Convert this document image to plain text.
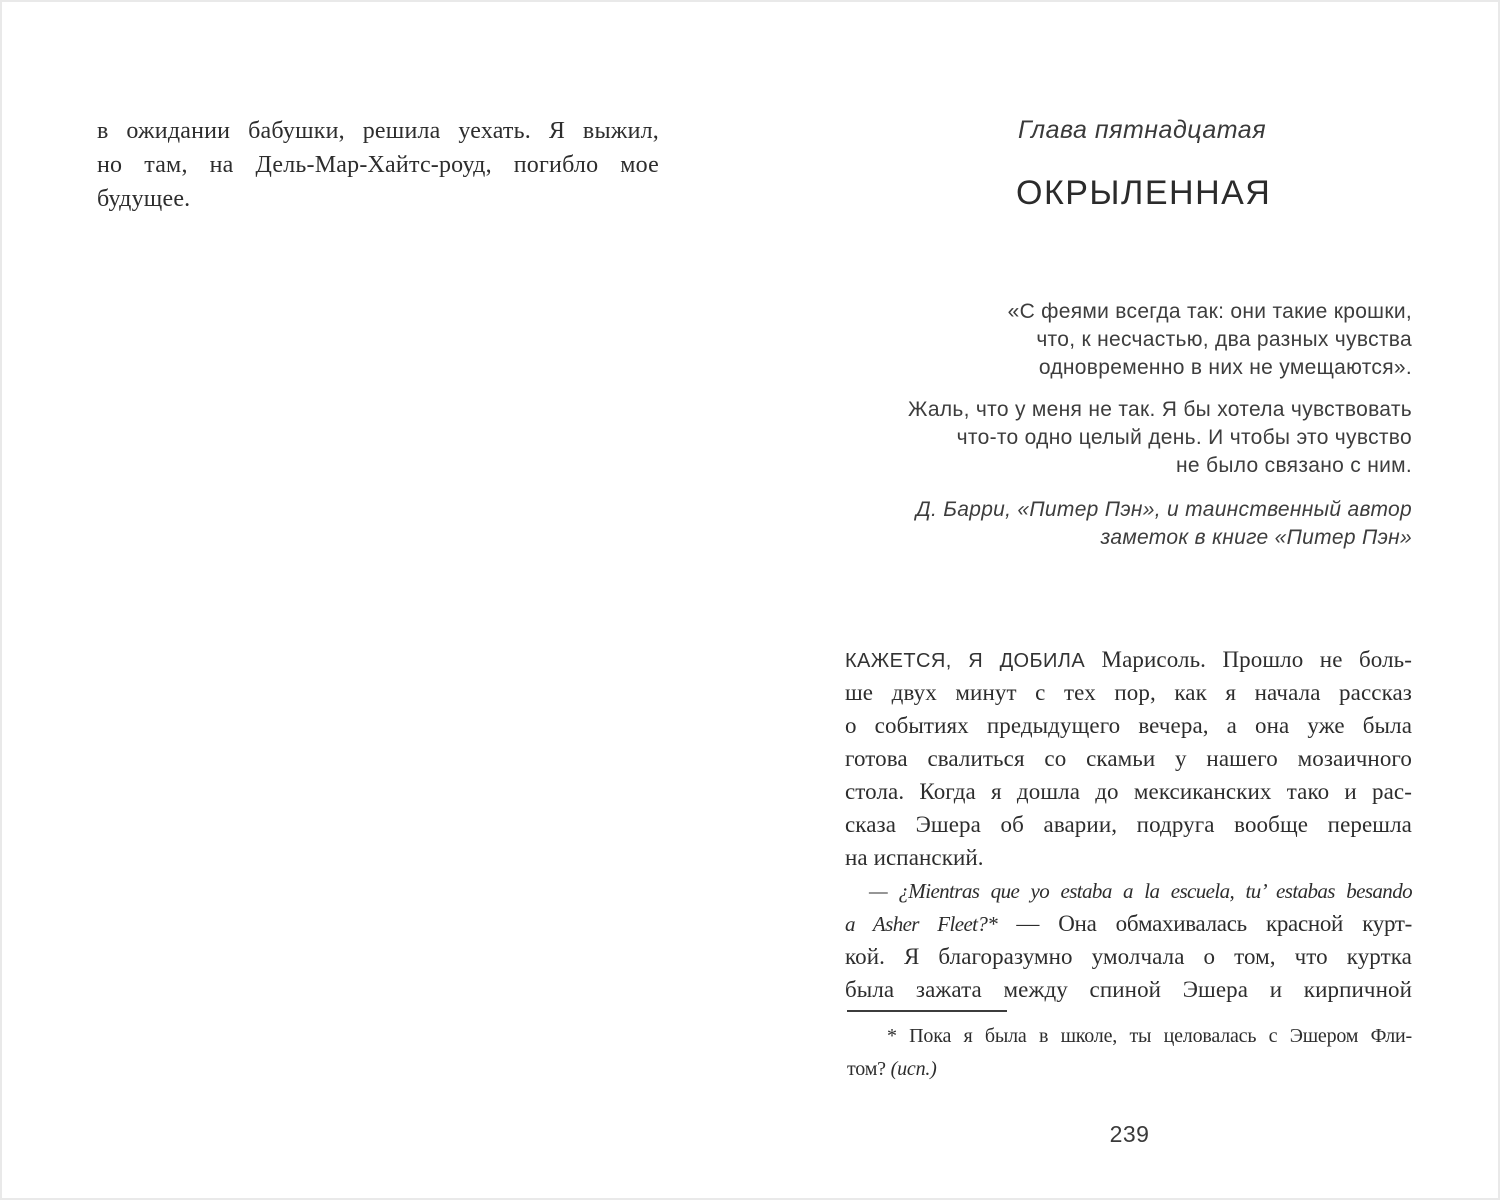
в ожидании бабушки, решила уехать. Я выжил,
но там, на Дель-Мар-Хайтс-роуд, погибло мое
будущее.
Глава пятнадцатая
ОКРЫЛЕННАЯ
«С феями всегда так: они такие крошки,
что, к несчастью, два разных чувства
одновременно в них не умещаются».
Жаль, что у меня не так. Я бы хотела чувствовать
что-то одно целый день. И чтобы это чувство
не было связано с ним.
Д. Барри, «Питер Пэн», и таинственный автор
заметок в книге «Питер Пэн»
КАЖЕТСЯ, Я ДОБИЛА Марисоль. Прошло не боль-
ше двух минут с тех пор, как я начала рассказ
о событиях предыдущего вечера, а она уже была
готова свалиться со скамьи у нашего мозаичного
стола. Когда я дошла до мексиканских тако и рас-
сказа Эшера об аварии, подруга вообще перешла
на испанский.
— ¿Mientras que yo estaba a la escuela, tu’ estabas besando
a Asher Fleet?* — Она обмахивалась красной курт-
кой. Я благоразумно умолчала о том, что куртка
была зажата между спиной Эшера и кирпичной
* Пока я была в школе, ты целовалась с Эшером Фли-
том? (исп.)
239
